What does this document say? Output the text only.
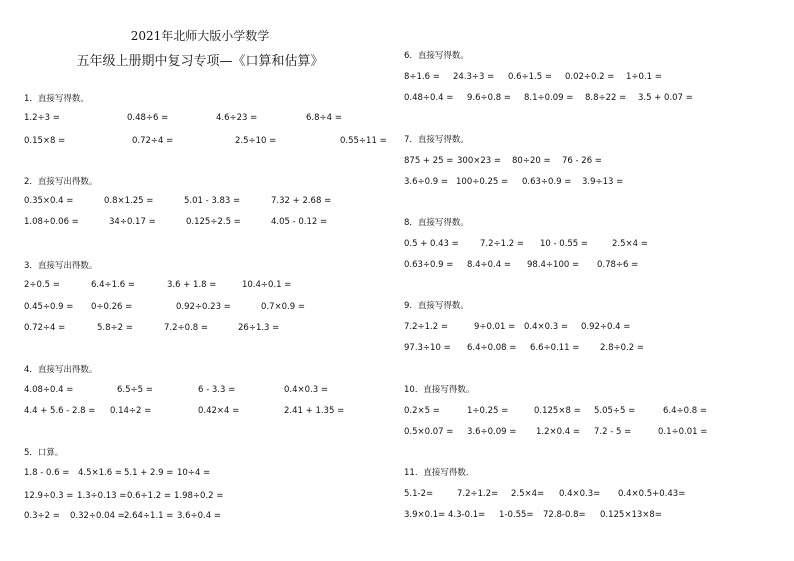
2021年北师大版小学数学
五年级上册期中复习专项—《口算和估算》
1．直接写得数。
1.2÷3 =	0.48÷6 =	4.6÷23 =	6.8÷4 =
0.15×8 =	0.72÷4 =	2.5÷10 =	0.55÷11 =
2．直接写出得数。
0.35×0.4 =	0.8×1.25 =	5.01 - 3.83 =	7.32 + 2.68 =
1.08÷0.06 =	34÷0.17 =	0.125÷2.5 =	4.05 - 0.12 =
3．直接写出得数。
2÷0.5 =	6.4÷1.6 =	3.6 + 1.8 =	10.4÷0.1 =
0.45÷0.9 = 0÷0.26 =	0.92÷0.23 =	0.7×0.9 =
0.72÷4 =	5.8÷2 =	7.2÷0.8 =	26÷1.3 =
4．直接写出得数。
4.08÷0.4 =	6.5÷5 =	6 - 3.3 =	0.4×0.3 =
4.4 + 5.6 - 2.8 = 0.14÷2 =	0.42×4 =	2.41 + 1.35 =
5．口算。
1.8 - 0.6 = 4.5×1.6 = 5.1 + 2.9 = 10÷4 =
12.9÷0.3 = 1.3÷0.13 = 0.6÷1.2 = 1.98÷0.2 =
0.3÷2 = 0.32÷0.04 = 2.64÷1.1 = 3.6÷0.4 =
6．直接写得数。
8÷1.6 = 24.3÷3 = 0.6÷1.5 = 0.02÷0.2 = 1÷0.1 =
0.48÷0.4 = 9.6÷0.8 = 8.1÷0.09 = 8.8÷22 = 3.5 + 0.07 =
7．直接写得数。
875 + 25 = 300×23 = 80÷20 = 76 - 26 =
3.6÷0.9 = 100÷0.25 = 0.63÷0.9 = 3.9÷13 =
8．直接写得数。
0.5 + 0.43 = 7.2÷1.2 = 10 - 0.55 =	2.5×4 =
0.63÷0.9 = 8.4÷0.4 = 98.4÷100 = 0.78÷6 =
9．直接写得数。
7.2÷1.2 =	9÷0.01 = 0.4×0.3 = 0.92÷0.4 =
97.3÷10 = 6.4÷0.08 = 6.6÷0.11 = 2.8÷0.2 =
10．直接写得数。
0.2×5 =	1÷0.25 =	0.125×8 = 5.05÷5 =	6.4÷0.8 =
0.5×0.07 = 3.6÷0.09 = 1.2×0.4 = 7.2 - 5 =	0.1÷0.01 =
11．直接写得数．
5.1-2=	7.2÷1.2= 2.5×4= 0.4×0.3= 0.4×0.5+0.43=
3.9×0.1= 4.3-0.1= 1-0.55= 72.8-0.8= 0.125×13×8=
